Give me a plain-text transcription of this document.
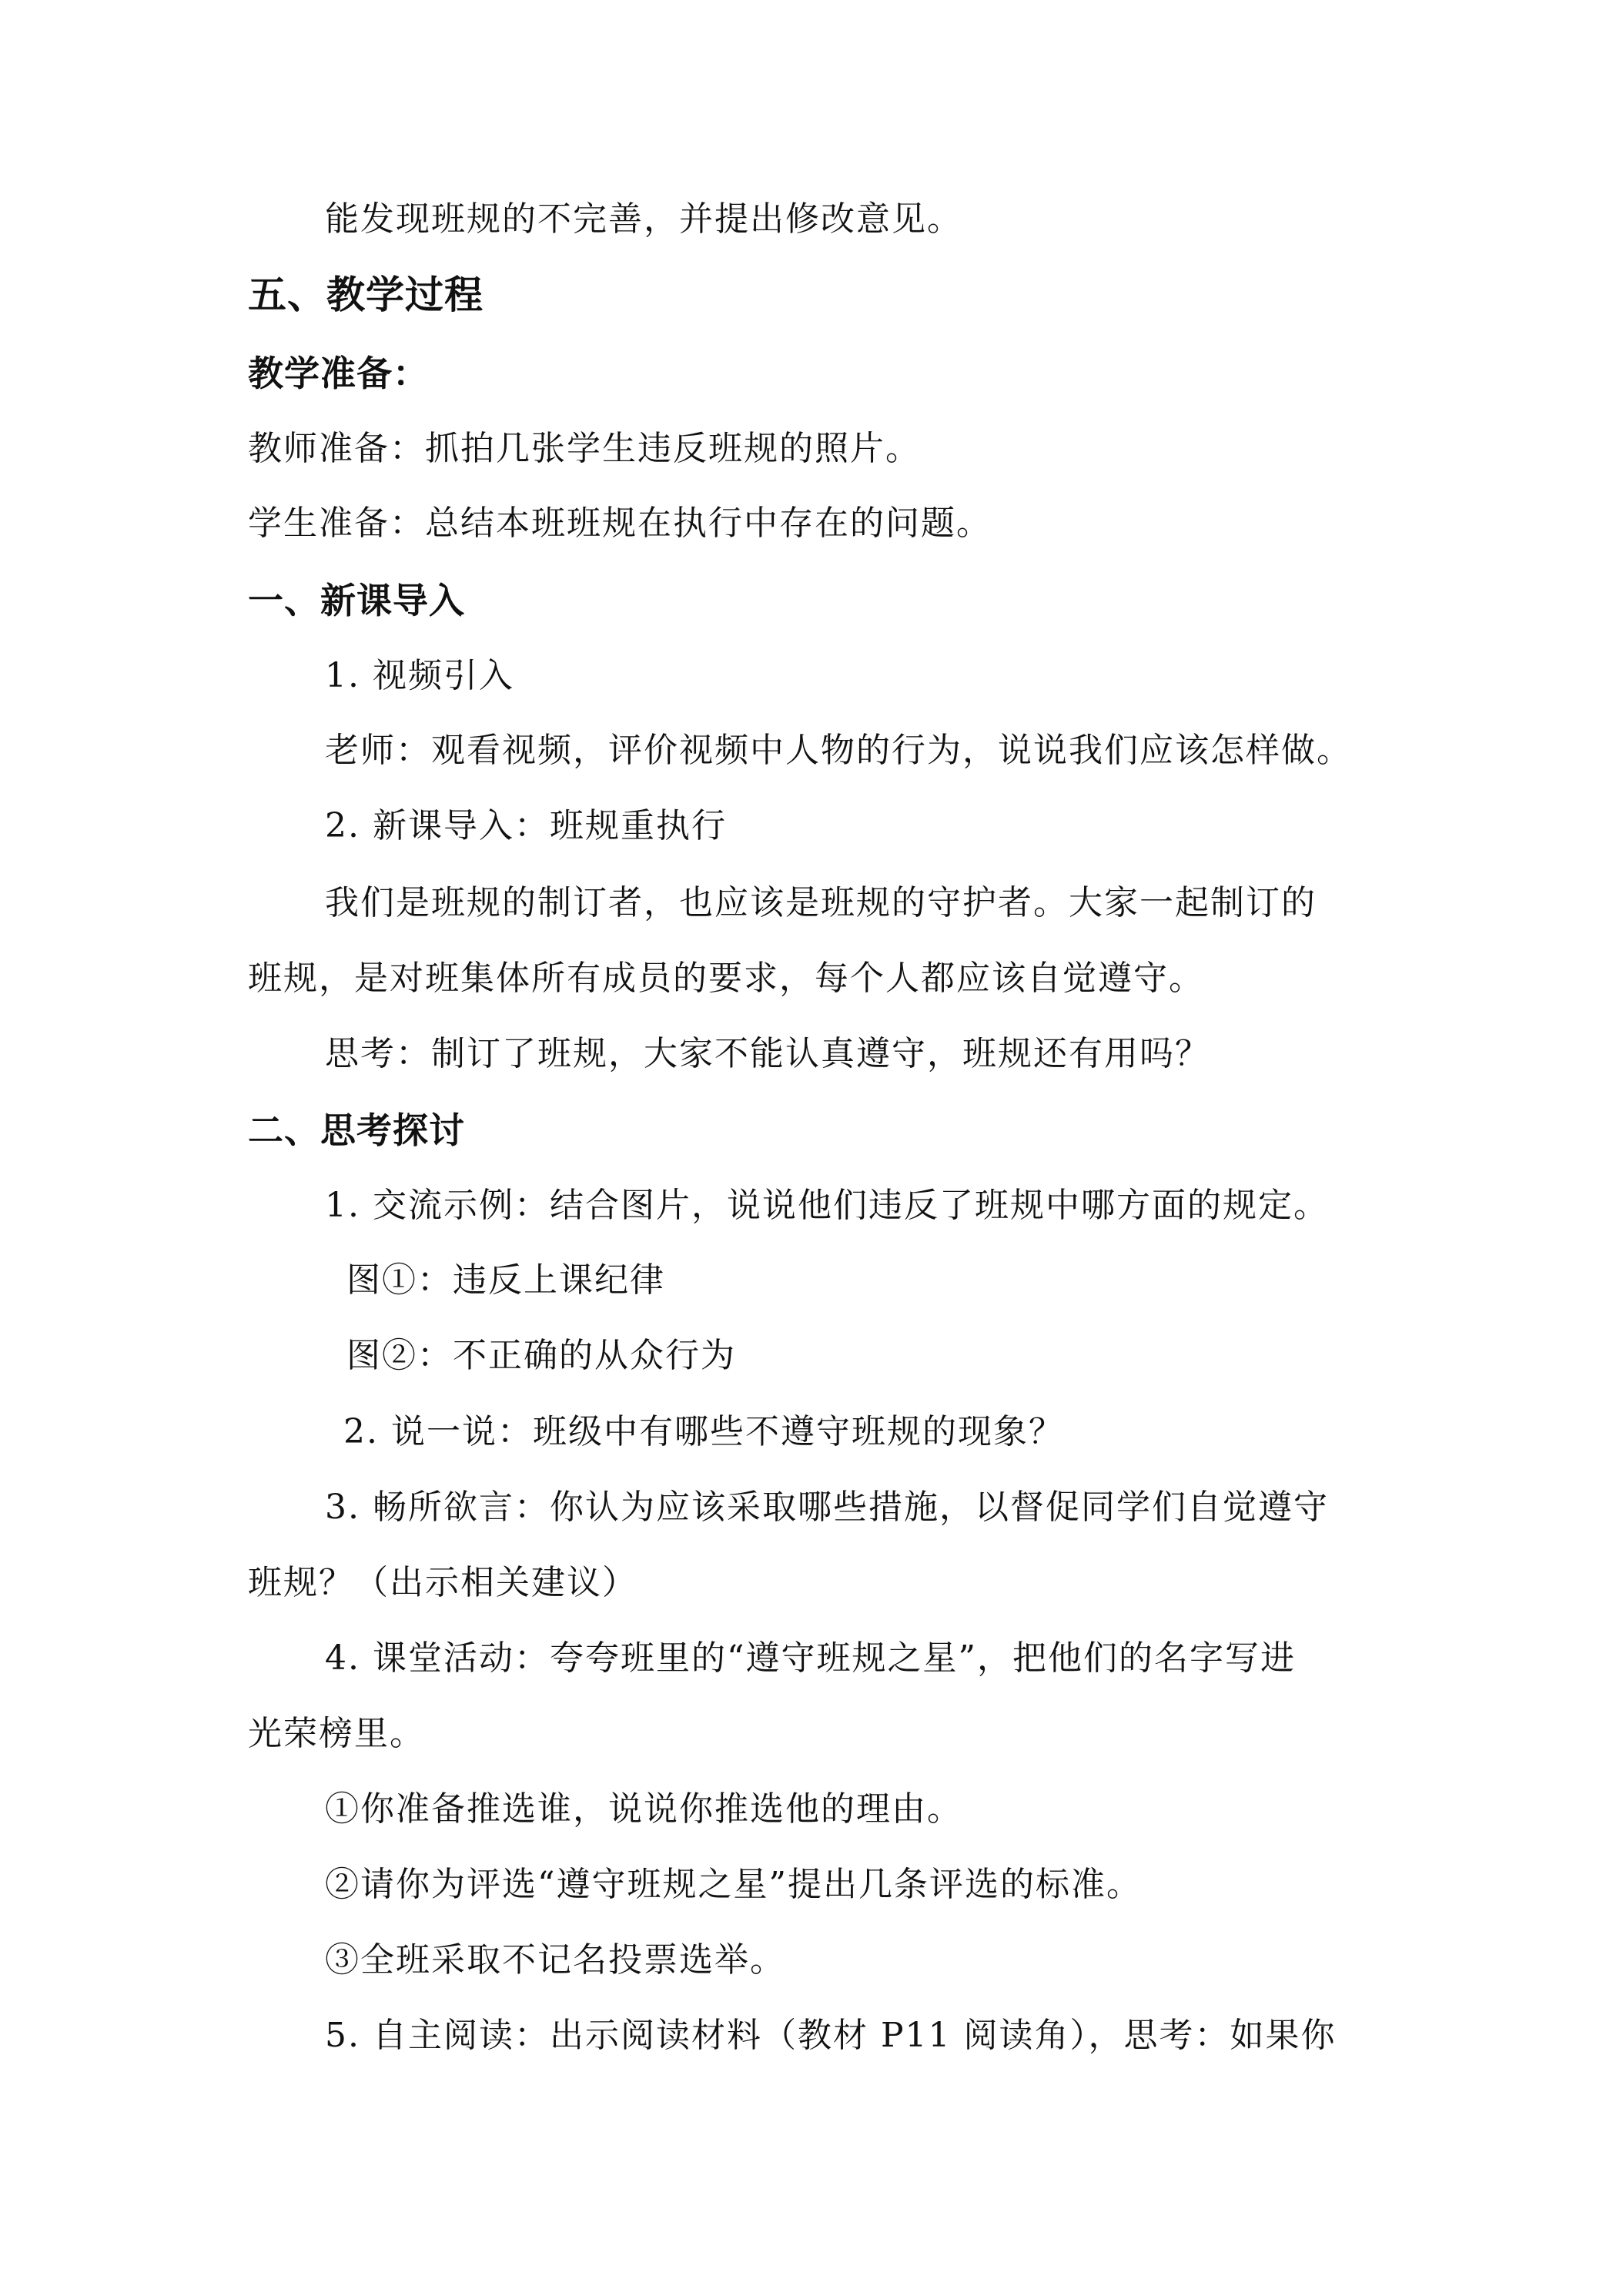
能发现班规的不完善，并提出修改意见。
五、教学过程
教学准备：
教师准备：抓拍几张学生违反班规的照片。
学生准备：总结本班班规在执行中存在的问题。
一、新课导入
1. 视频引入
老师：观看视频，评价视频中人物的行为，说说我们应该怎样做。
2. 新课导入：班规重执行
我们是班规的制订者，也应该是班规的守护者。大家一起制订的
班规，是对班集体所有成员的要求，每个人都应该自觉遵守。
思考：制订了班规，大家不能认真遵守，班规还有用吗？
二、思考探讨
1. 交流示例：结合图片，说说他们违反了班规中哪方面的规定。
图①：违反上课纪律
图②：不正确的从众行为
2. 说一说：班级中有哪些不遵守班规的现象？
3. 畅所欲言：你认为应该采取哪些措施，以督促同学们自觉遵守
班规？（出示相关建议）
4. 课堂活动：夸夸班里的“遵守班规之星”，把他们的名字写进
光荣榜里。
①你准备推选谁，说说你推选他的理由。
②请你为评选“遵守班规之星”提出几条评选的标准。
③全班采取不记名投票选举。
5. 自主阅读：出示阅读材料（教材 P11 阅读角），思考：如果你
